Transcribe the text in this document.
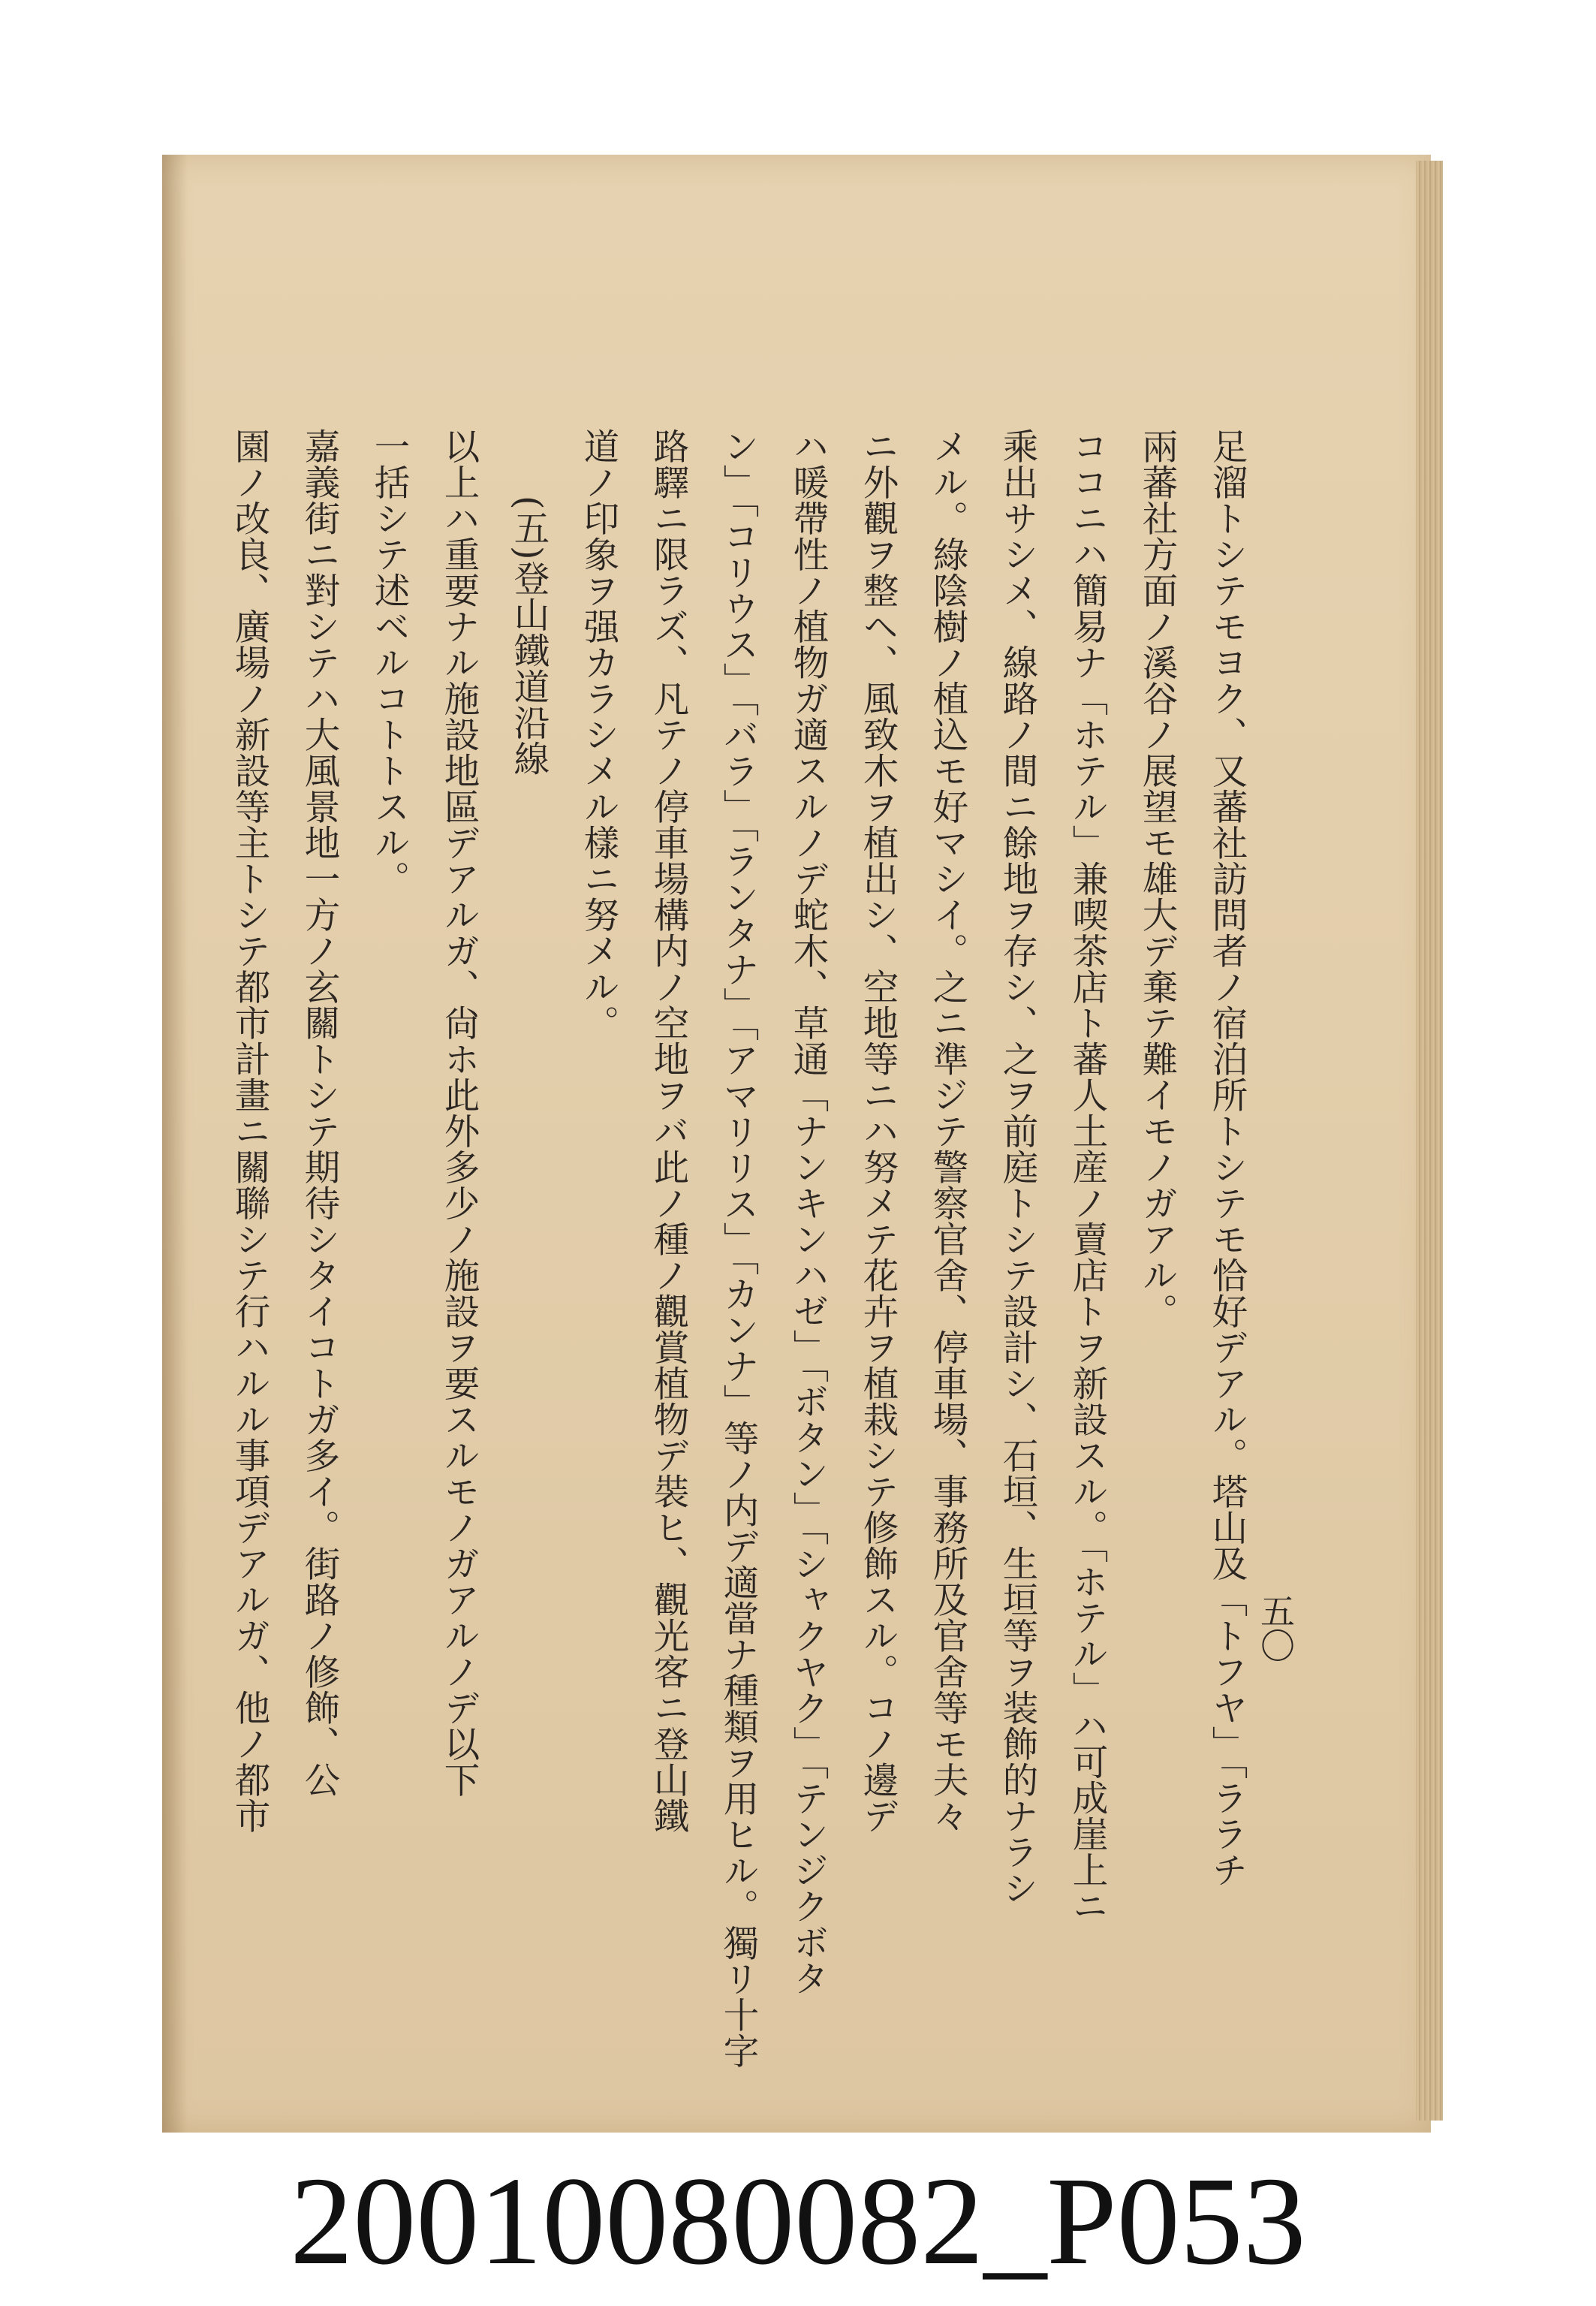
五〇
足溜トシテモヨク、又蕃社訪問者ノ宿泊所トシテモ恰好デアル。塔山及「トフヤ」「ララチ
兩蕃社方面ノ溪谷ノ展望モ雄大デ棄テ難イモノガアル。
ココニハ簡易ナ「ホテル」兼喫茶店ト蕃人土産ノ賣店トヲ新設スル。「ホテル」ハ可成崖上ニ
乘出サシメ、線路ノ間ニ餘地ヲ存シ、之ヲ前庭トシテ設計シ、石垣、生垣等ヲ装飾的ナラシ
メル。綠陰樹ノ植込モ好マシイ。之ニ準ジテ警察官舍、停車場、事務所及官舍等モ夫々
ニ外觀ヲ整ヘ、風致木ヲ植出シ、空地等ニハ努メテ花卉ヲ植栽シテ修飾スル。コノ邊デ
ハ暖帶性ノ植物ガ適スルノデ蛇木、草通「ナンキンハゼ」「ボタン」「シャクヤク」「テンジクボタ
ン」「コリウス」「バラ」「ランタナ」「アマリリス」「カンナ」等ノ内デ適當ナ種類ヲ用ヒル。獨リ十字
路驛ニ限ラズ、凡テノ停車場構内ノ空地ヲバ此ノ種ノ觀賞植物デ裝ヒ、觀光客ニ登山鐵
道ノ印象ヲ强カラシメル樣ニ努メル。
(五)登山鐵道沿線
以上ハ重要ナル施設地區デアルガ、尙ホ此外多少ノ施設ヲ要スルモノガアルノデ以下
一括シテ述ベルコトトスル。
嘉義街ニ對シテハ大風景地一方ノ玄關トシテ期待シタイコトガ多イ。街路ノ修飾、公
園ノ改良、廣場ノ新設等主トシテ都市計畫ニ關聯シテ行ハルル事項デアルガ、他ノ都市
20010080082_P053
